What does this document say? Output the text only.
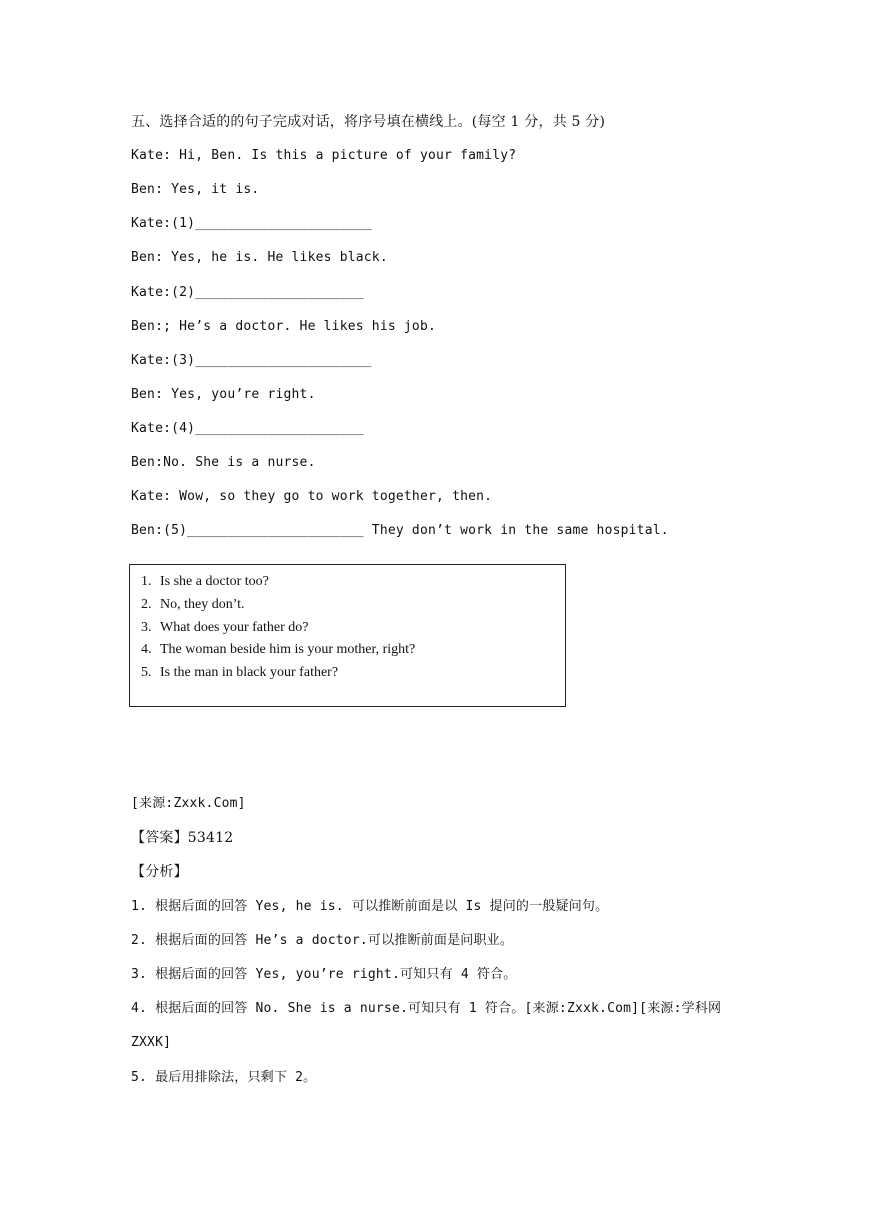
五、选择合适的的句子完成对话，将序号填在横线上。(每空 1 分，共 5 分)
Kate: Hi, Ben. Is this a picture of your family?
Ben: Yes, it is.
Kate:(1)______________________
Ben: Yes, he is. He likes black.
Kate:(2)_____________________
Ben:; He’s a doctor. He likes his job.
Kate:(3)______________________
Ben: Yes, you’re right.
Kate:(4)_____________________
Ben:No. She is a nurse.
Kate: Wow, so they go to work together, then.
Ben:(5)______________________ They don’t work in the same hospital.
1. Is she a doctor too?
2. No, they don’t.
3. What does your father do?
4. The woman beside him is your mother, right?
5. Is the man in black your father?
[来源:Zxxk.Com]
【答案】53412
【分析】
1. 根据后面的回答 Yes, he is. 可以推断前面是以 Is 提问的一般疑问句。
2. 根据后面的回答 He’s a doctor.可以推断前面是问职业。
3. 根据后面的回答 Yes, you’re right.可知只有 4 符合。
4. 根据后面的回答 No. She is a nurse.可知只有 1 符合。[来源:Zxxk.Com][来源:学科网
ZXXK]
5. 最后用排除法，只剩下 2。
